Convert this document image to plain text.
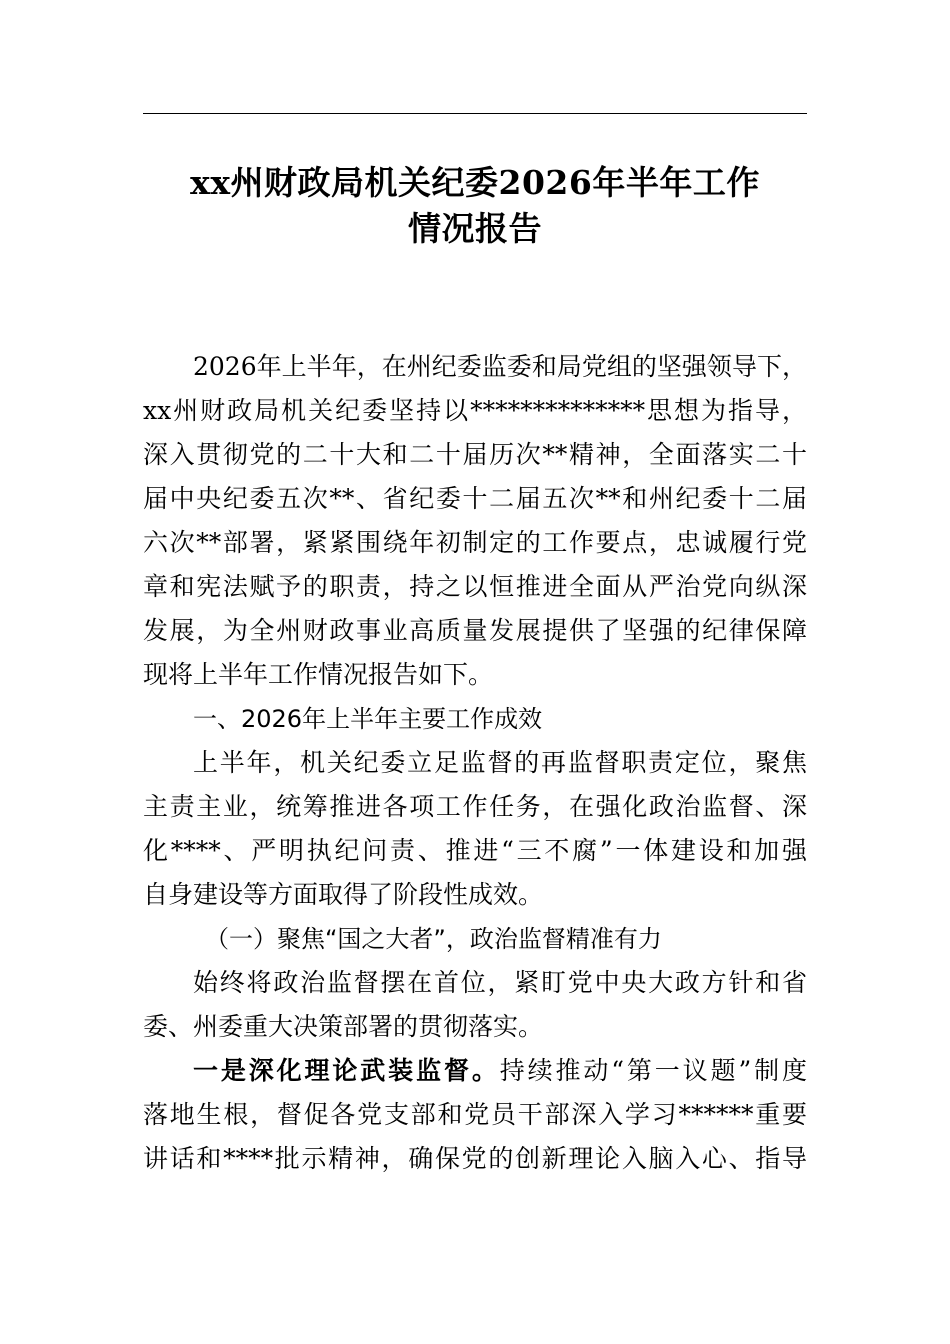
xx州财政局机关纪委2026年半年工作
情况报告
2026年上半年，在州纪委监委和局党组的坚强领导下，
xx州财政局机关纪委坚持以**************思想为指导，
深入贯彻党的二十大和二十届历次**精神，全面落实二十
届中央纪委五次**、省纪委十二届五次**和州纪委十二届
六次**部署，紧紧围绕年初制定的工作要点，忠诚履行党
章和宪法赋予的职责，持之以恒推进全面从严治党向纵深
发展，为全州财政事业高质量发展提供了坚强的纪律保障
现将上半年工作情况报告如下。
一、2026年上半年主要工作成效
上半年，机关纪委立足监督的再监督职责定位，聚焦
主责主业，统筹推进各项工作任务，在强化政治监督、深
化****、严明执纪问责、推进“三不腐”一体建设和加强
自身建设等方面取得了阶段性成效。
（一）聚焦“国之大者”，政治监督精准有力
始终将政治监督摆在首位，紧盯党中央大政方针和省
委、州委重大决策部署的贯彻落实。
一是深化理论武装监督。持续推动“第一议题”制度
落地生根，督促各党支部和党员干部深入学习******重要
讲话和****批示精神，确保党的创新理论入脑入心、指导
